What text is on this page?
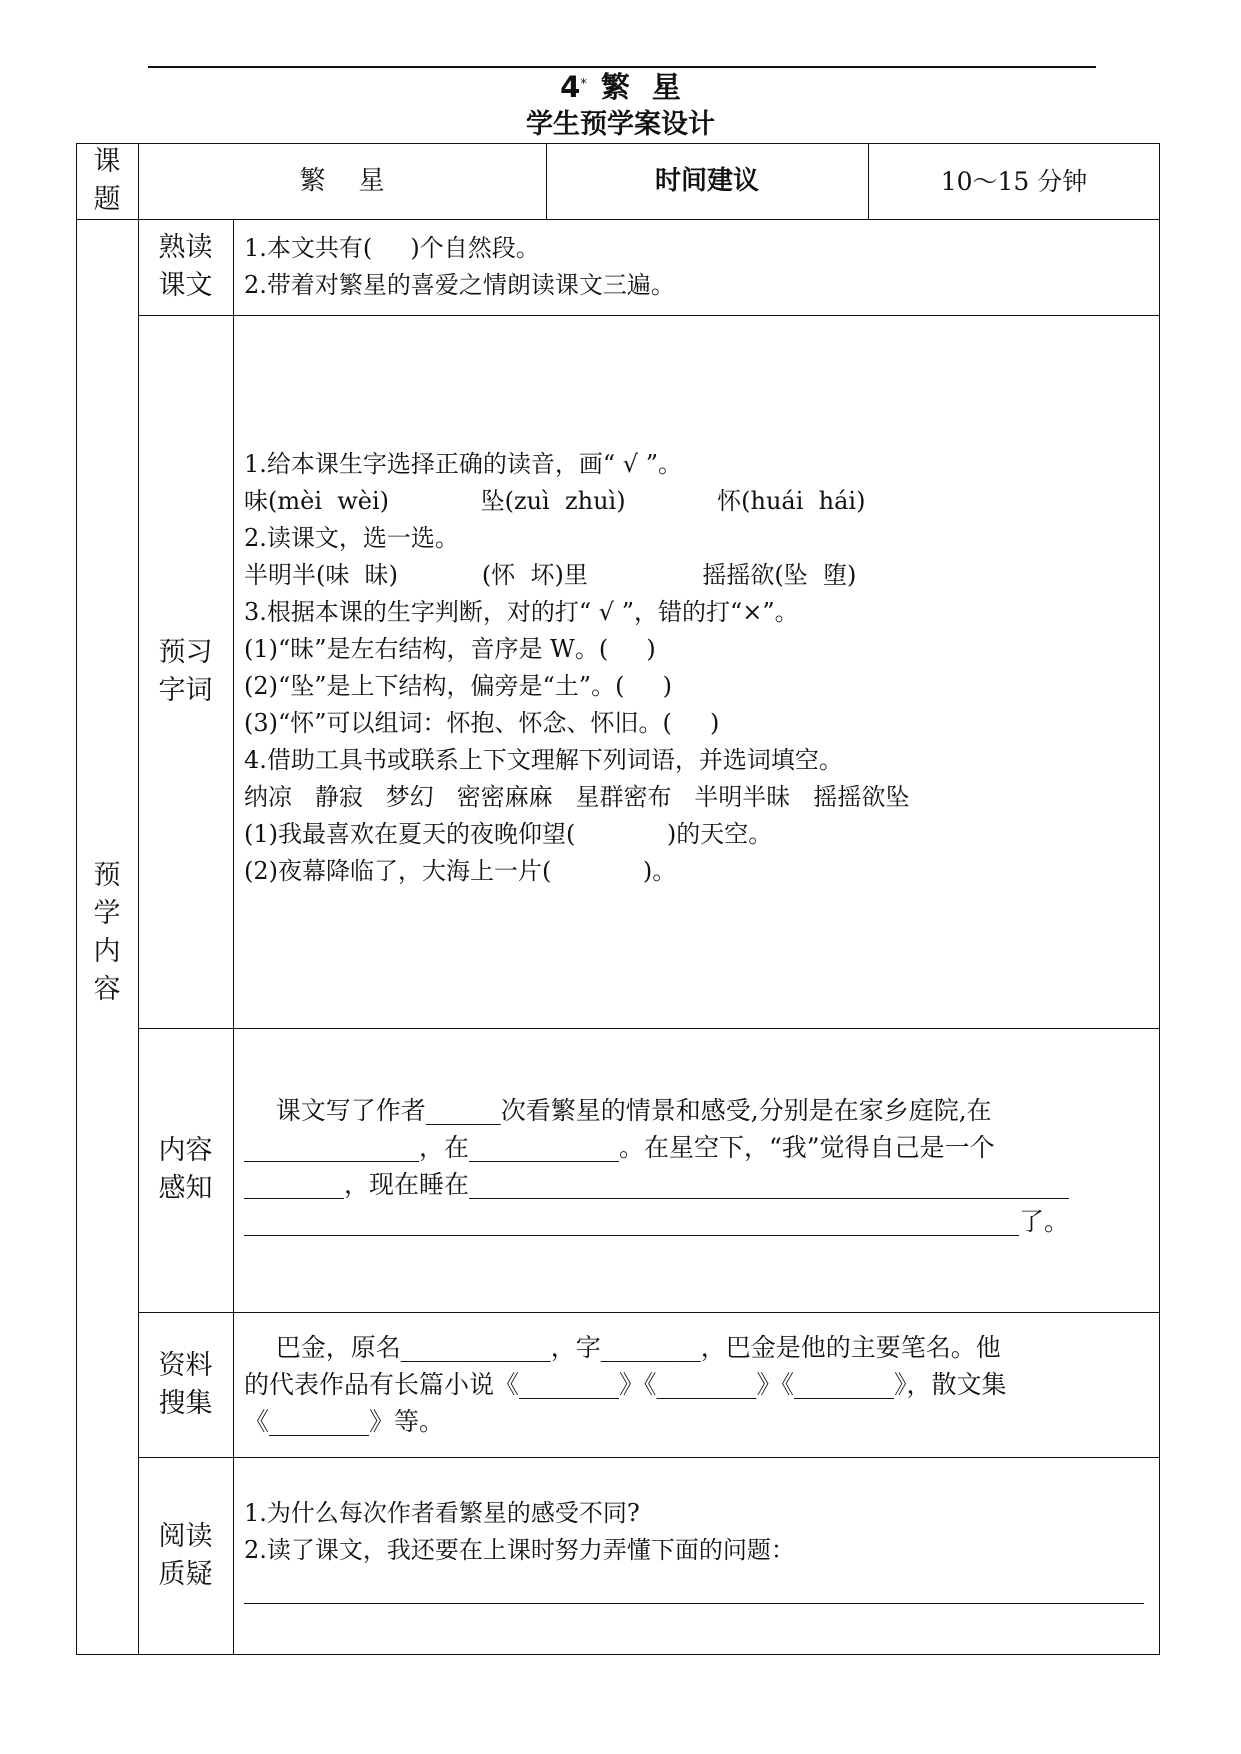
4* 繁 星
学生预学案设计
课题
繁    星	时间建议	10～15 分钟
预学内容
熟读课文
预习字词
内容感知
资料搜集
阅读质疑
1.本文共有(     )个自然段。
2.带着对繁星的喜爱之情朗读课文三遍。
1.给本课生字选择正确的读音，画“ √ ”。
味(mèi  wèi)            坠(zuì  zhuì)            怀(huái  hái)
2.读课文，选一选。
半明半(味  昧)           (怀  坏)里               摇摇欲(坠  堕)
3.根据本课的生字判断，对的打“ √ ”，错的打“×”。
(1)“昧”是左右结构，音序是 W。(     )
(2)“坠”是上下结构，偏旁是“土”。(     )
(3)“怀”可以组词：怀抱、怀念、怀旧。(     )
4.借助工具书或联系上下文理解下列词语，并选词填空。
纳凉   静寂   梦幻   密密麻麻   星群密布   半明半昧   摇摇欲坠
(1)我最喜欢在夏天的夜晚仰望(            )的天空。
(2)夜幕降临了，大海上一片(            )。
课文写了作者______次看繁星的情景和感受,分别是在家乡庭院,在
______________，在____________。在星空下，“我”觉得自己是一个
________，现在睡在________________________________________________
______________________________________________________________了。
巴金，原名____________，字________，巴金是他的主要笔名。他
的代表作品有长篇小说《________》《________》《________》，散文集
《________》等。
1.为什么每次作者看繁星的感受不同?
2.读了课文，我还要在上课时努力弄懂下面的问题：
